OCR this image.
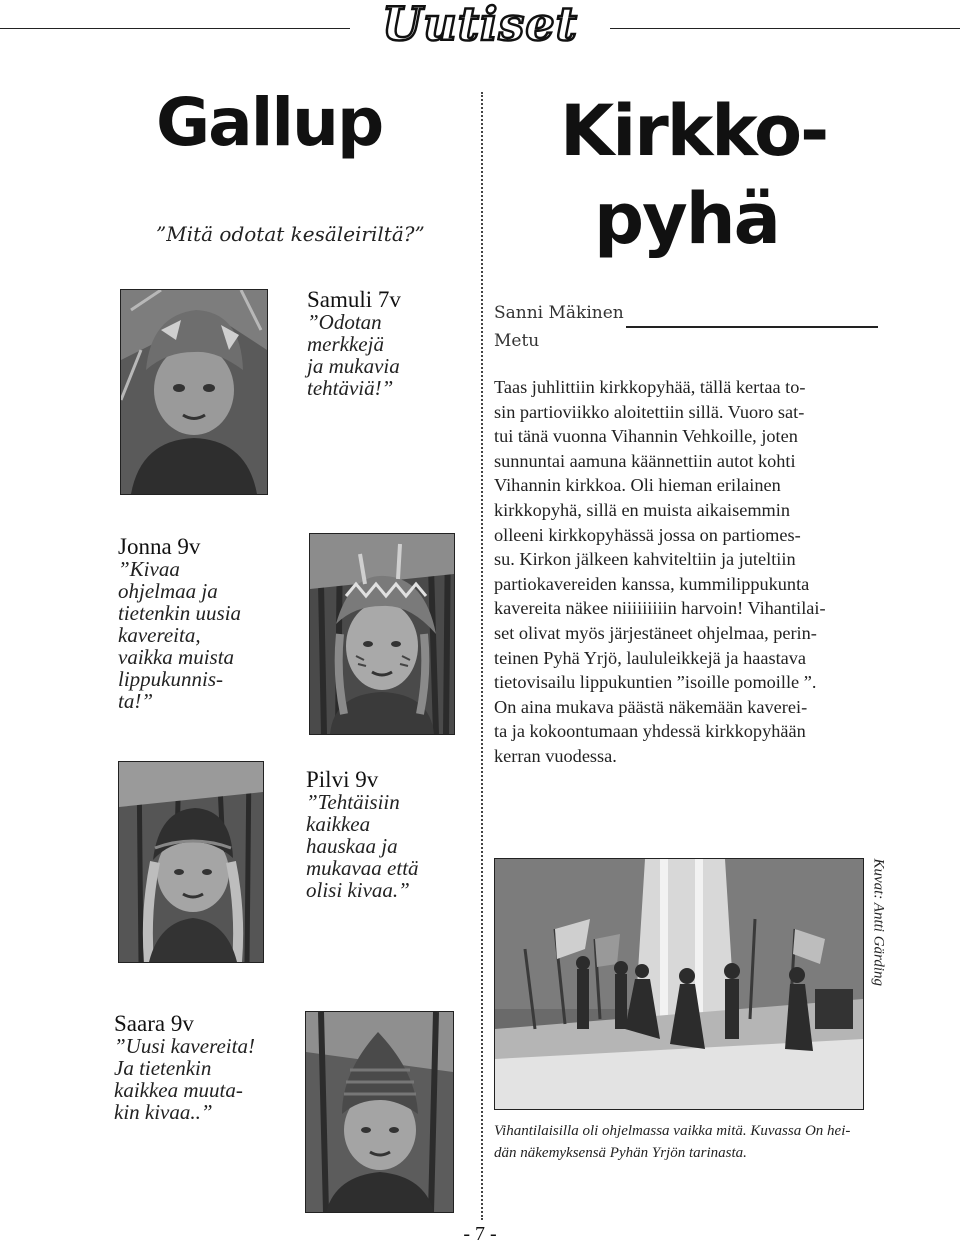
Uutiset
Gallup
”Mitä odotat kesäleiriltä?”
Samuli 7v
”Odotan
merkkejä
ja mukavia
tehtäviä!”
Jonna 9v
”Kivaa
ohjelmaa ja
tietenkin uusia
kavereita,
vaikka muista
lippukunnis-
ta!”
Pilvi 9v
”Tehtäisiin
kaikkea
hauskaa ja
mukavaa että
olisi kivaa.”
Saara 9v
”Uusi kavereita!
Ja tietenkin
kaikkea muuta-
kin kivaa..”
Kirkko-
pyhä
Sanni Mäkinen
Metu
Taas juhlittiin kirkkopyhää, tällä kertaa to-
sin partioviikko aloitettiin sillä. Vuoro sat-
tui tänä vuonna Vihannin Vehkoille, joten
sunnuntai aamuna käännettiin autot kohti
Vihannin kirkkoa. Oli hieman erilainen
kirkkopyhä, sillä en muista aikaisemmin
olleeni kirkkopyhässä jossa on partiomes-
su. Kirkon jälkeen kahviteltiin ja juteltiin
partiokavereiden kanssa, kummilippukunta
kavereita näkee niiiiiiiiin harvoin! Vihantilai-
set olivat myös järjestäneet ohjelmaa, perin-
teinen Pyhä Yrjö, laululeikkejä ja haastava
tietovisailu lippukuntien ”isoille pomoille ”.
On aina mukava päästä näkemään kaverei-
ta ja kokoontumaan yhdessä kirkkopyhään
kerran vuodessa.
Kuvat: Antti Gärding
Vihantilaisilla oli ohjelmassa vaikka mitä. Kuvassa On hei-
dän näkemyksensä Pyhän Yrjön tarinasta.
- 7 -
